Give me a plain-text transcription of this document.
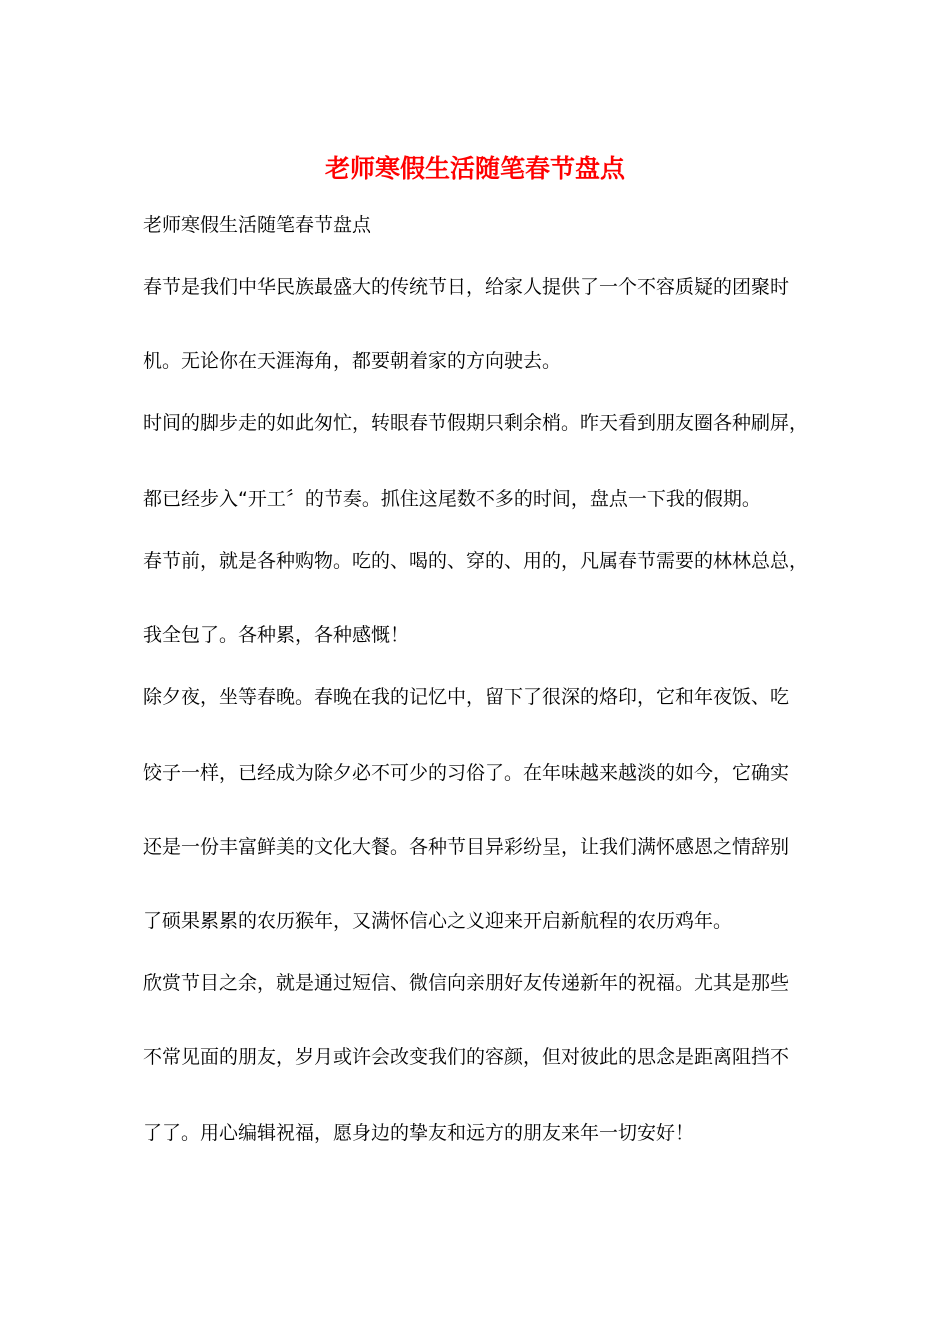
老师寒假生活随笔春节盘点

老师寒假生活随笔春节盘点

春节是我们中华民族最盛大的传统节日，给家人提供了一个不容质疑的团聚时

机。无论你在天涯海角，都要朝着家的方向驶去。

时间的脚步走的如此匆忙，转眼春节假期只剩余梢。昨天看到朋友圈各种刷屏，

都已经步入“开工〞的节奏。抓住这尾数不多的时间，盘点一下我的假期。

春节前，就是各种购物。吃的、喝的、穿的、用的，凡属春节需要的林林总总，

我全包了。各种累，各种感慨！

除夕夜，坐等春晚。春晚在我的记忆中，留下了很深的烙印，它和年夜饭、吃

饺子一样，已经成为除夕必不可少的习俗了。在年味越来越淡的如今，它确实

还是一份丰富鲜美的文化大餐。各种节目异彩纷呈，让我们满怀感恩之情辞别

了硕果累累的农历猴年，又满怀信心之义迎来开启新航程的农历鸡年。

欣赏节目之余，就是通过短信、微信向亲朋好友传递新年的祝福。尤其是那些

不常见面的朋友，岁月或许会改变我们的容颜，但对彼此的思念是距离阻挡不

了了。用心编辑祝福，愿身边的挚友和远方的朋友来年一切安好！
